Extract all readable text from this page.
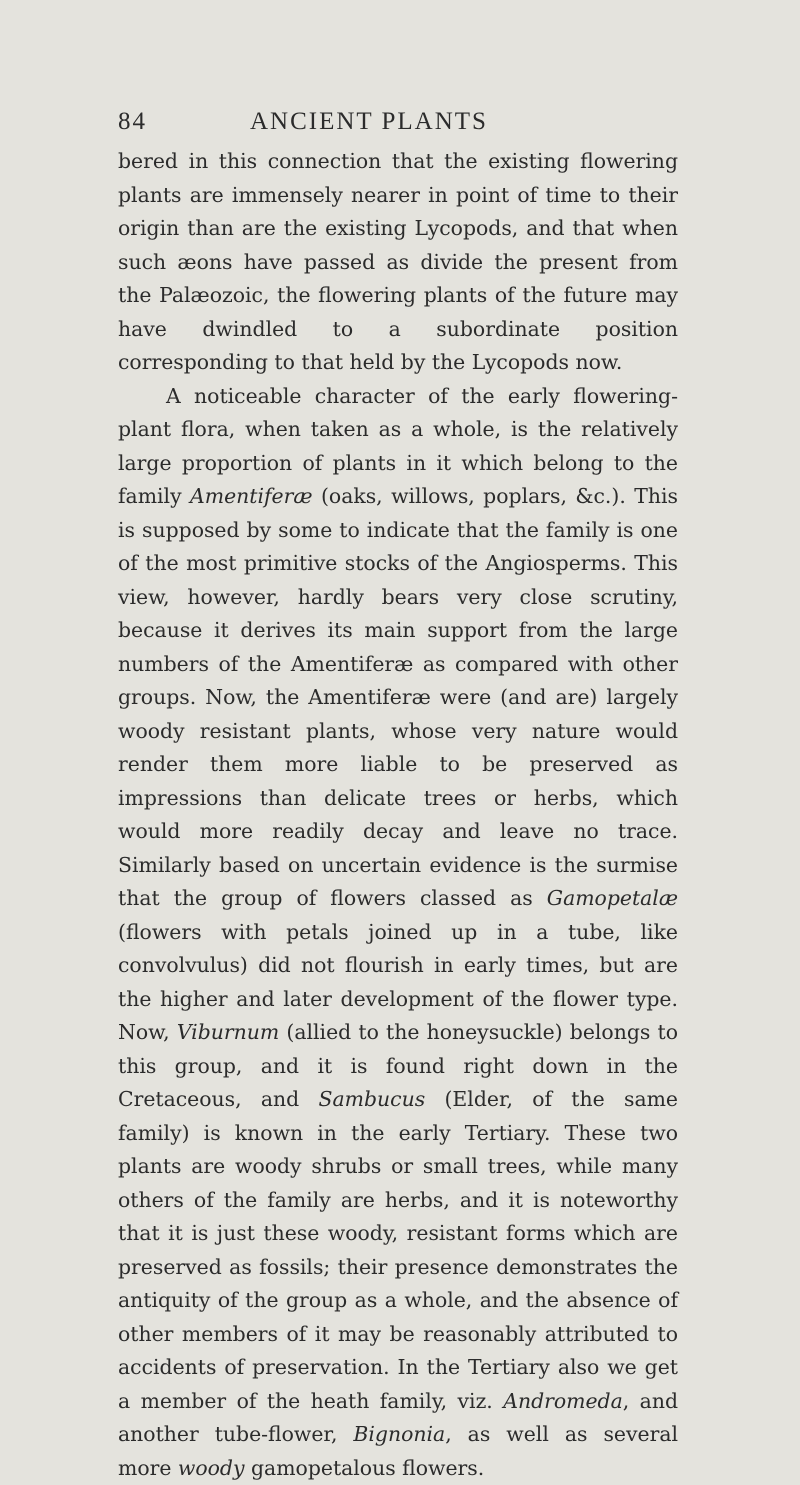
84	ANCIENT PLANTS

bered in this connection that the existing flowering plants are immensely nearer in point of time to their origin than are the existing Lycopods, and that when such æons have passed as divide the present from the Palæozoic, the flowering plants of the future may have dwindled to a subordinate position corresponding to that held by the Lycopods now.

A noticeable character of the early flowering-plant flora, when taken as a whole, is the relatively large proportion of plants in it which belong to the family Amentiferæ (oaks, willows, poplars, &c.). This is supposed by some to indicate that the family is one of the most primitive stocks of the Angiosperms. This view, however, hardly bears very close scrutiny, because it derives its main support from the large numbers of the Amentiferæ as compared with other groups. Now, the Amentiferæ were (and are) largely woody resistant plants, whose very nature would render them more liable to be preserved as impressions than delicate trees or herbs, which would more readily decay and leave no trace. Similarly based on uncertain evidence is the surmise that the group of flowers classed as Gamopetalæ (flowers with petals joined up in a tube, like convolvulus) did not flourish in early times, but are the higher and later development of the flower type. Now, Viburnum (allied to the honeysuckle) belongs to this group, and it is found right down in the Cretaceous, and Sambucus (Elder, of the same family) is known in the early Tertiary. These two plants are woody shrubs or small trees, while many others of the family are herbs, and it is noteworthy that it is just these woody, resistant forms which are preserved as fossils; their presence demonstrates the antiquity of the group as a whole, and the absence of other members of it may be reasonably attributed to accidents of preservation. In the Tertiary also we get a member of the heath family, viz. Andromeda, and another tube-flower, Bignonia, as well as several more woody gamopetalous flowers.
